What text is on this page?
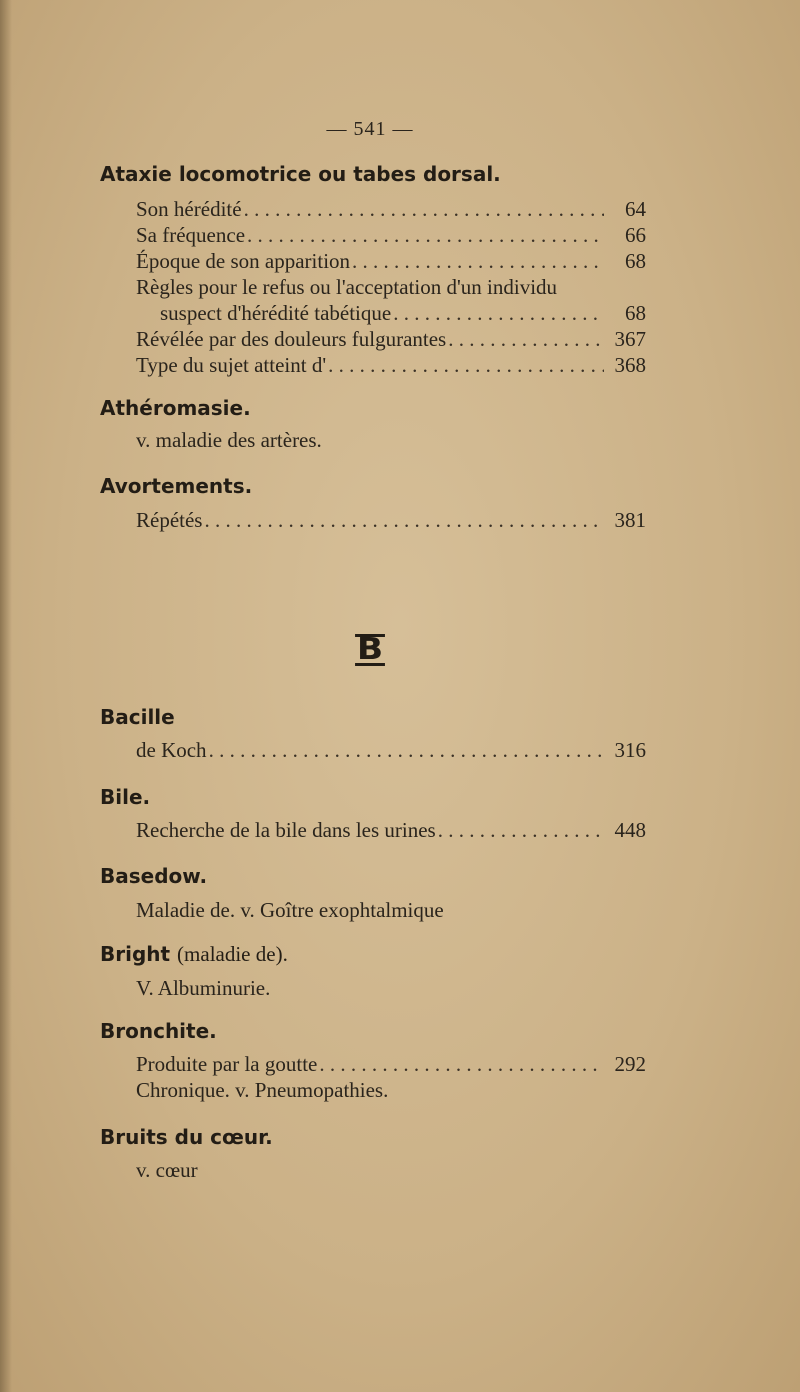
— 541 —
Ataxie locomotrice ou tabes dorsal.
Son hérédité . . .	64
Sa fréquence . . .	66
Époque de son apparition . . .	68
Règles pour le refus ou l'acceptation d'un individu
suspect d'hérédité tabétique . . .	68
Révélée par des douleurs fulgurantes . . .	367
Type du sujet atteint d' . . .	368
Athéromasie.
v. maladie des artères.
Avortements.
Répétés . . .	381
B
Bacille
de Koch . . .	316
Bile.
Recherche de la bile dans les urines . . .	448
Basedow.
Maladie de. v. Goître exophtalmique
Bright (maladie de).
V. Albuminurie.
Bronchite.
Produite par la goutte . . .	292
Chronique. v. Pneumopathies.
Bruits du cœur.
v. cœur
